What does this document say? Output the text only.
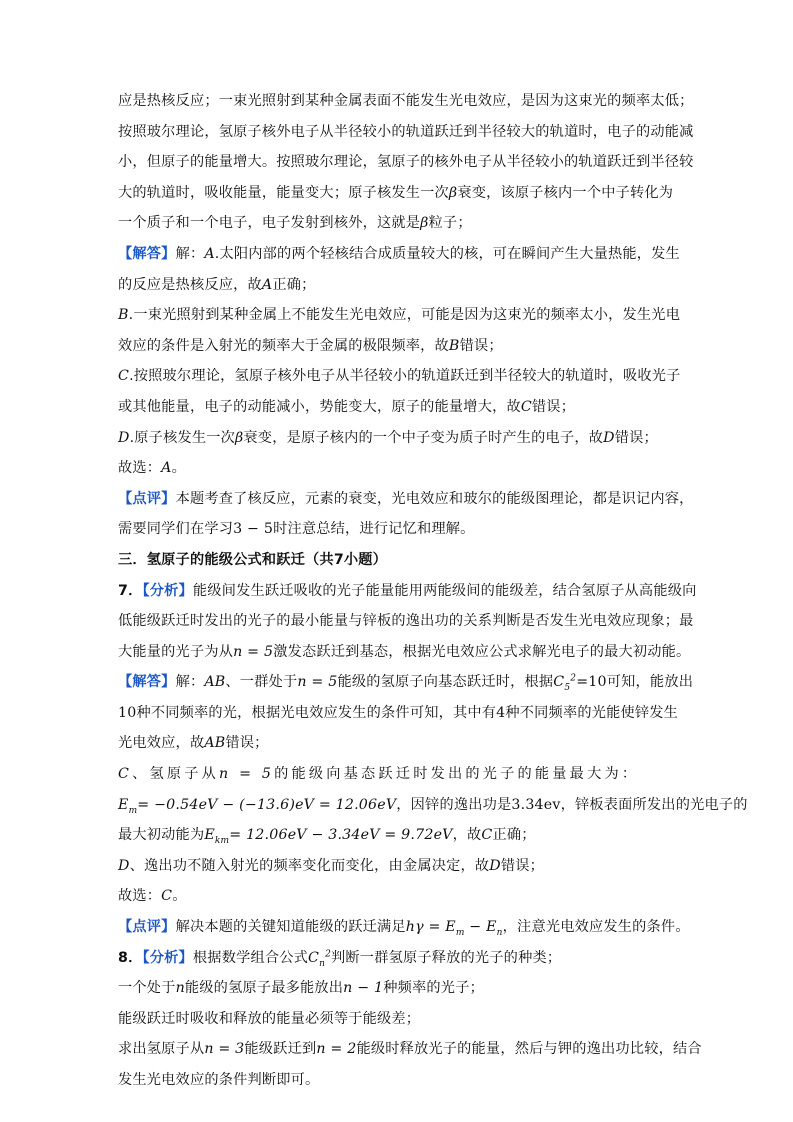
应是热核反应；一束光照射到某种金属表面不能发生光电效应，是因为这束光的频率太低；
按照玻尔理论，氢原子核外电子从半径较小的轨道跃迁到半径较大的轨道时，电子的动能减
小，但原子的能量增大。按照玻尔理论，氢原子的核外电子从半径较小的轨道跃迁到半径较
大的轨道时，吸收能量，能量变大；原子核发生一次β衰变，该原子核内一个中子转化为
一个质子和一个电子，电子发射到核外，这就是β粒子；
【解答】解：A.太阳内部的两个轻核结合成质量较大的核，可在瞬间产生大量热能，发生
的反应是热核反应，故A正确；
B.一束光照射到某种金属上不能发生光电效应，可能是因为这束光的频率太小，发生光电
效应的条件是入射光的频率大于金属的极限频率，故B错误；
C.按照玻尔理论，氢原子核外电子从半径较小的轨道跃迁到半径较大的轨道时，吸收光子
或其他能量，电子的动能减小，势能变大，原子的能量增大，故C错误；
D.原子核发生一次β衰变，是原子核内的一个中子变为质子时产生的电子，故D错误；
故选：A。
【点评】本题考查了核反应，元素的衰变，光电效应和玻尔的能级图理论，都是识记内容，
需要同学们在学习3 − 5时注意总结，进行记忆和理解。
三．氢原子的能级公式和跃迁（共7小题）
7．【分析】能级间发生跃迁吸收的光子能量能用两能级间的能级差，结合氢原子从高能级向
低能级跃迁时发出的光子的最小能量与锌板的逸出功的关系判断是否发生光电效应现象；最
大能量的光子为从n = 5激发态跃迁到基态，根据光电效应公式求解光电子的最大初动能。
【解答】解：AB、一群处于n = 5能级的氢原子向基态跃迁时，根据$C_5^2=10$可知，能放出
10种不同频率的光，根据光电效应发生的条件可知，其中有4种不同频率的光能使锌发生
光电效应，故AB错误；
C、氢原子从n = 5的能级向基态跃迁时发出的光子的能量最大为：
$E_m= -0.54eV - (-13.6)eV = 12.06eV$，因锌的逸出功是3.34ev，锌板表面所发出的光电子的
最大初动能为$E_{km}= 12.06eV - 3.34eV = 9.72eV$，故C正确；
D、逸出功不随入射光的频率变化而变化，由金属决定，故D错误；
故选：C。
【点评】解决本题的关键知道能级的跃迁满足$h\gamma = E_m - E_n$，注意光电效应发生的条件。
8．【分析】根据数学组合公式$C_n^2$判断一群氢原子释放的光子的种类；
一个处于n能级的氢原子最多能放出n − 1种频率的光子；
能级跃迁时吸收和释放的能量必须等于能级差；
求出氢原子从n = 3能级跃迁到n = 2能级时释放光子的能量，然后与钾的逸出功比较，结合
发生光电效应的条件判断即可。
